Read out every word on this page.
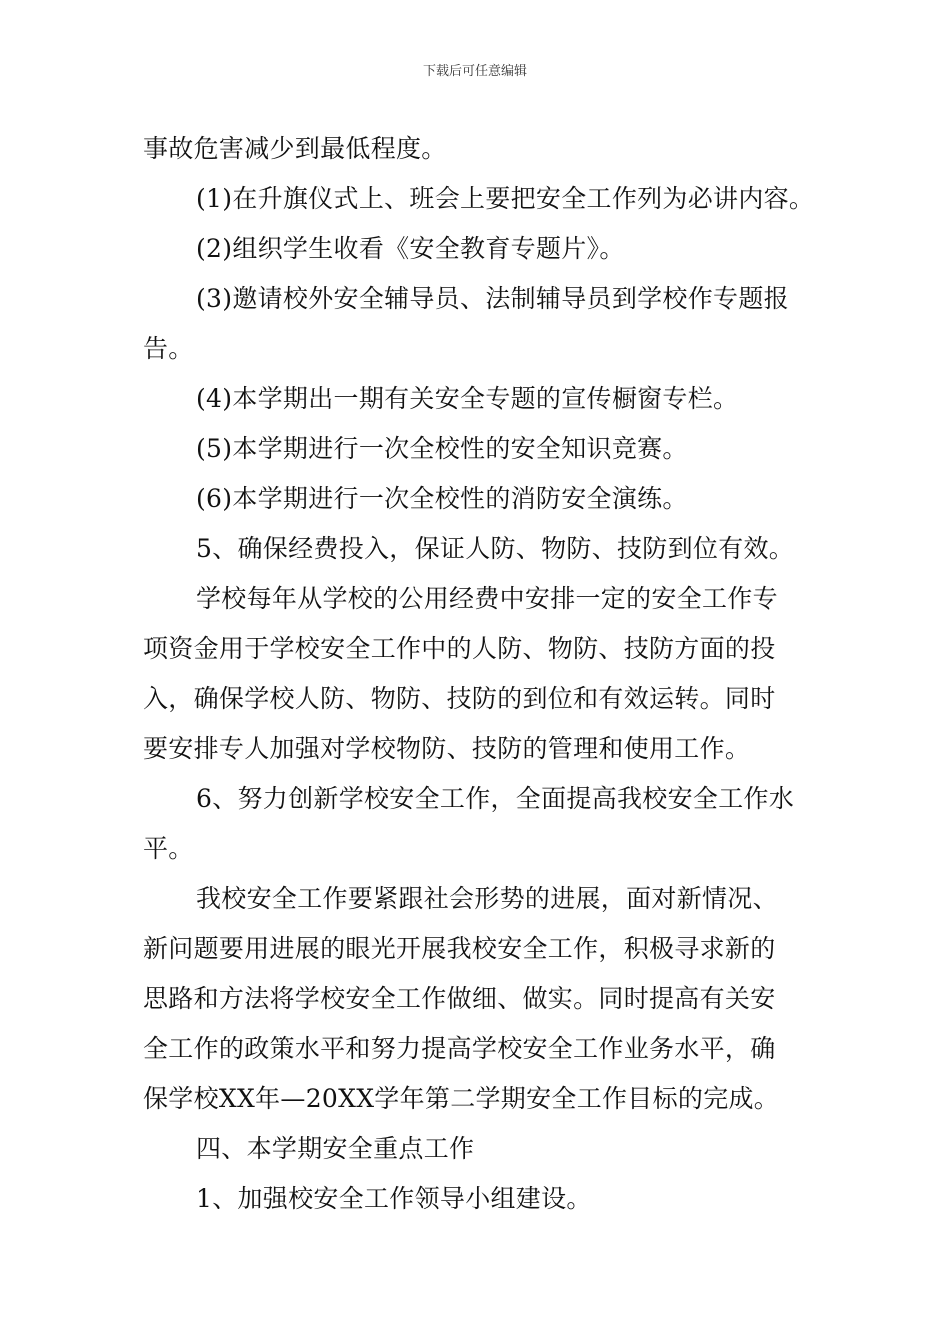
下载后可任意编辑
事故危害减少到最低程度。
(1)在升旗仪式上、班会上要把安全工作列为必讲内容。
(2)组织学生收看《安全教育专题片》。
(3)邀请校外安全辅导员、法制辅导员到学校作专题报
告。
(4)本学期出一期有关安全专题的宣传橱窗专栏。
(5)本学期进行一次全校性的安全知识竞赛。
(6)本学期进行一次全校性的消防安全演练。
5、确保经费投入，保证人防、物防、技防到位有效。
学校每年从学校的公用经费中安排一定的安全工作专
项资金用于学校安全工作中的人防、物防、技防方面的投
入，确保学校人防、物防、技防的到位和有效运转。同时
要安排专人加强对学校物防、技防的管理和使用工作。
6、努力创新学校安全工作，全面提高我校安全工作水
平。
我校安全工作要紧跟社会形势的进展，面对新情况、
新问题要用进展的眼光开展我校安全工作，积极寻求新的
思路和方法将学校安全工作做细、做实。同时提高有关安
全工作的政策水平和努力提高学校安全工作业务水平，确
保学校XX年—20XX学年第二学期安全工作目标的完成。
四、本学期安全重点工作
1、加强校安全工作领导小组建设。
